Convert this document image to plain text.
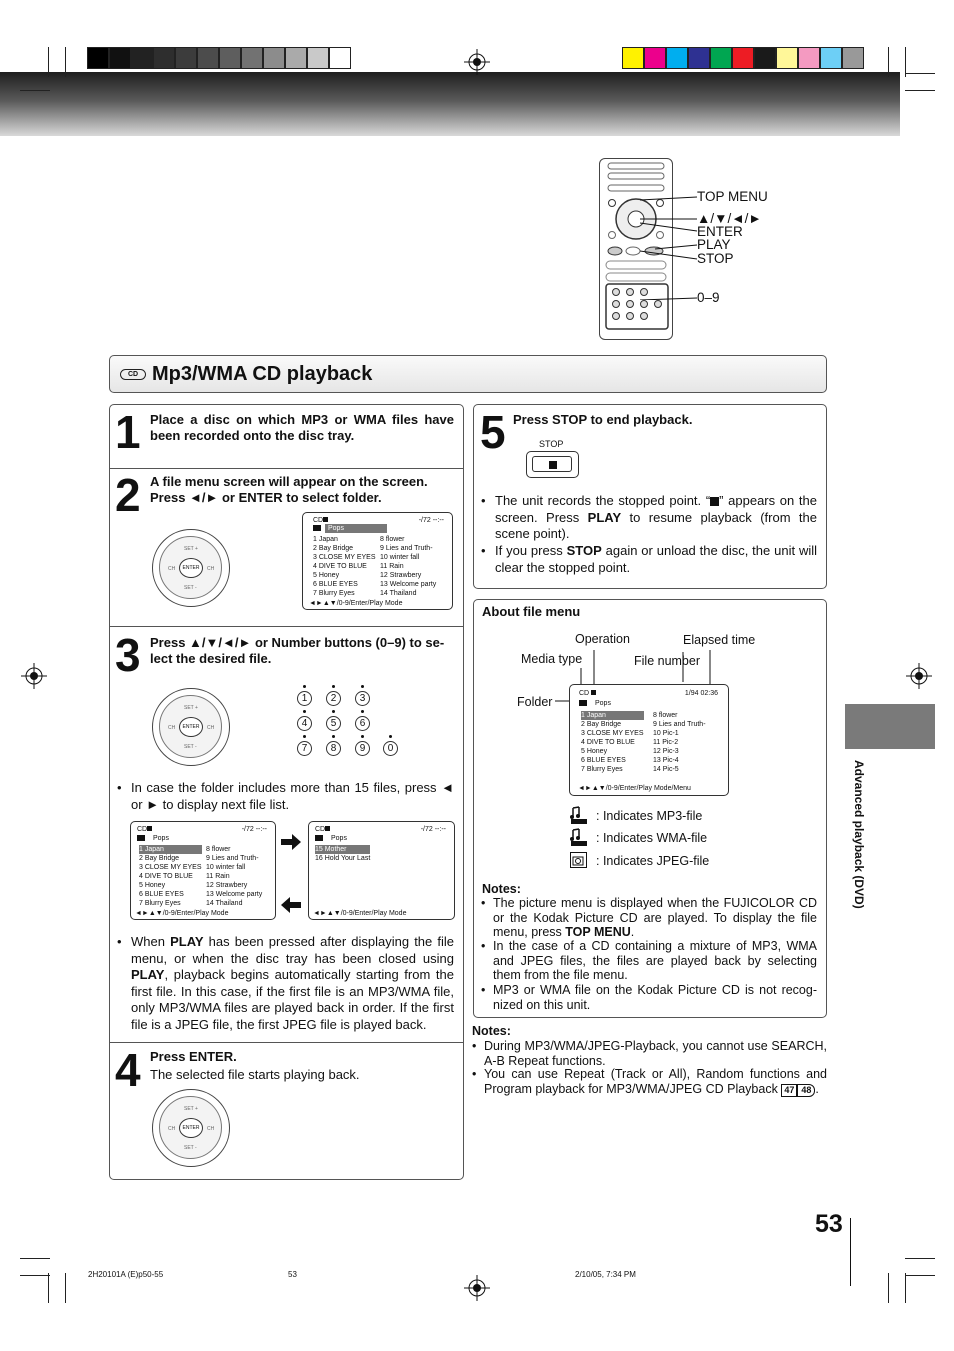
TOP MENU
▲/▼/◄/►
ENTER
PLAY
STOP
0–9
CD Mp3/WMA CD playback
1 Place a disc on which MP3 or WMA files have been recorded onto the disc tray.
2 A file menu screen will appear on the screen.
Press ◄/► or ENTER to select folder.
ENTER
SET +
SET -
CH	CH
CD	-/72 --:--
Pops
1 Japan
2 Bay Bridge
3 CLOSE MY EYES
4 DIVE TO BLUE
5 Honey
6 BLUE EYES
7 Blurry Eyes
8 flower
9 Lies and Truth-
10 winter fall
11 Rain
12 Strawbery
13 Welcome party
14 Thailand
◄►▲▼/0-9/Enter/Play Mode
3 Press ▲/▼/◄/► or Number buttons (0–9) to se-
lect the desired file.
ENTER
SET +
SET -
CH	CH
1	2	3
4	5	6
7	8	9	0
• In case the folder includes more than 15 files, press ◄ or ► to display next file list.
CD	-/72 --:--
Pops
1 Japan
2 Bay Bridge
3 CLOSE MY EYES
4 DIVE TO BLUE
5 Honey
6 BLUE EYES
7 Blurry Eyes
8 flower
9 Lies and Truth-
10 winter fall
11 Rain
12 Strawbery
13 Welcome party
14 Thailand
◄►▲▼/0-9/Enter/Play Mode
CD	-/72 --:--
Pops
15 Mother
16 Hold Your Last
◄►▲▼/0-9/Enter/Play Mode
• When PLAY has been pressed after displaying the file menu, or when the disc tray has been closed using PLAY, playback begins automatically starting from the first file. In this case, if the first file is an MP3/WMA file, only MP3/WMA files are played back in order. If the first file is a JPEG file, the first JPEG file is played back.
4 Press ENTER.
The selected file starts playing back.
ENTER
SET +
SET -
CH	CH
5 Press STOP to end playback.
STOP
• The unit records the stopped point. “ ” appears on the screen. Press PLAY to resume playback (from the scene point).
• If you press STOP again or unload the disc, the unit will clear the stopped point.
About file menu
Operation	Elapsed time
Media type	File number
Folder
CD	1/94 02:36
Pops
1 Japan
2 Bay Bridge
3 CLOSE MY EYES
4 DIVE TO BLUE
5 Honey
6 BLUE EYES
7 Blurry Eyes
8 flower
9 Lies and Truth-
10 Pic-1
11 Pic-2
12 Pic-3
13 Pic-4
14 Pic-5
◄►▲▼/0-9/Enter/Play Mode/Menu
: Indicates MP3-file
: Indicates WMA-file
: Indicates JPEG-file
Notes:
• The picture menu is displayed when the FUJICOLOR CD or the Kodak Picture CD are played. To display the file menu, press TOP MENU.
• In the case of a CD containing a mixture of MP3, WMA and JPEG files, the files are played back by selecting them from the file menu.
• MP3 or WMA file on the Kodak Picture CD is not recog- nized on this unit.
Notes:
• During MP3/WMA/JPEG-Playback, you cannot use SEARCH, A-B Repeat functions.
• You can use Repeat (Track or All), Random functions and Program playback for MP3/WMA/JPEG CD Playback 47 48 .
Advanced playback (DVD)
53
2H20101A (E)p50-55	53	2/10/05, 7:34 PM
